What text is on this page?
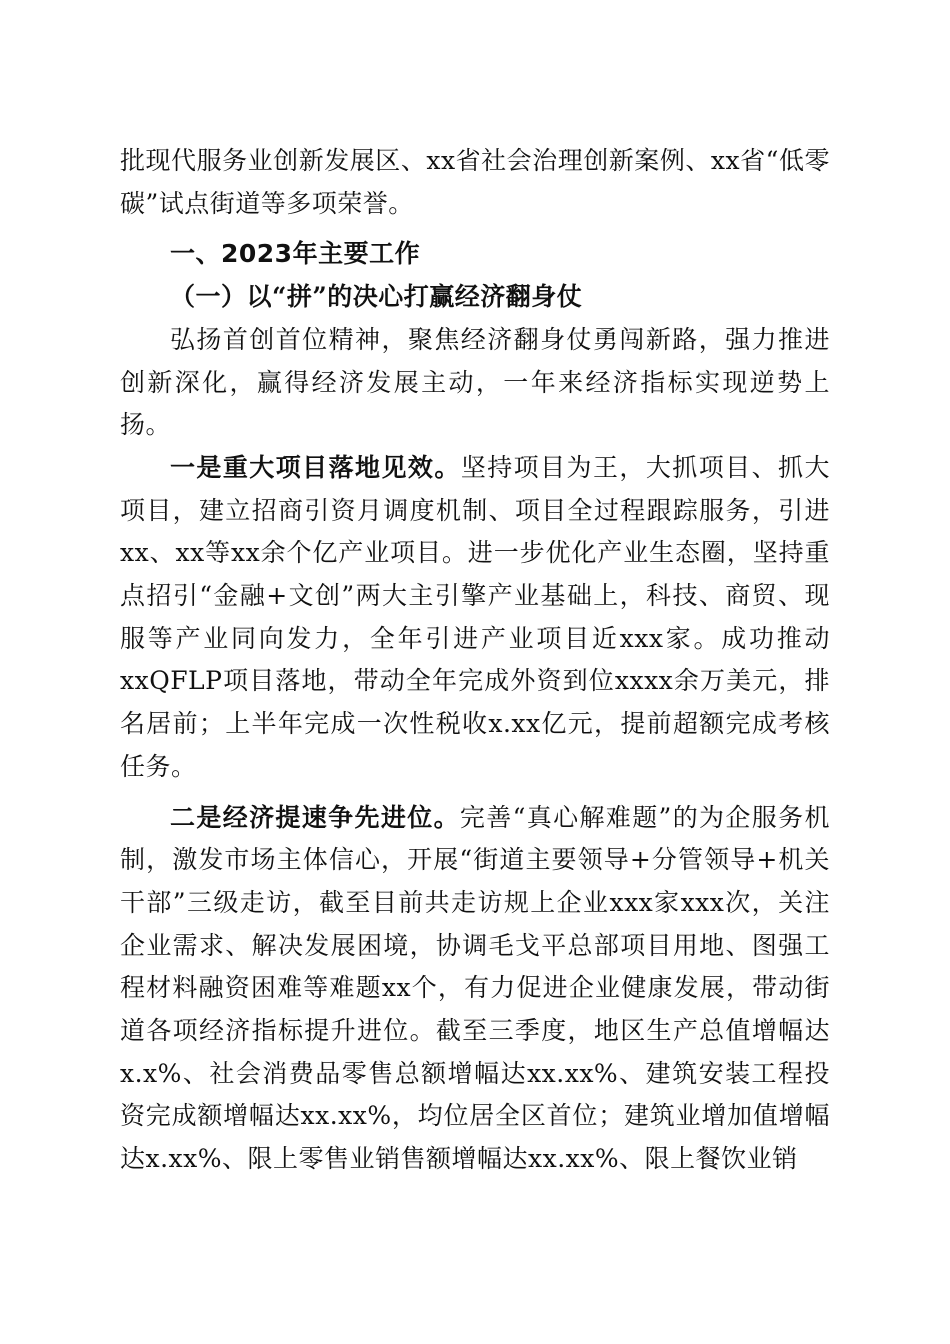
批现代服务业创新发展区、xx省社会治理创新案例、xx省“低零碳”试点街道等多项荣誉。

一、2023年主要工作

（一）以“拼”的决心打赢经济翻身仗

弘扬首创首位精神，聚焦经济翻身仗勇闯新路，强力推进创新深化，赢得经济发展主动，一年来经济指标实现逆势上扬。

一是重大项目落地见效。坚持项目为王，大抓项目、抓大项目，建立招商引资月调度机制、项目全过程跟踪服务，引进xx、xx等xx余个亿产业项目。进一步优化产业生态圈，坚持重点招引“金融+文创”两大主引擎产业基础上，科技、商贸、现服等产业同向发力，全年引进产业项目近xxx家。成功推动xxQFLP项目落地，带动全年完成外资到位xxxx余万美元，排名居前；上半年完成一次性税收x.xx亿元，提前超额完成考核任务。

二是经济提速争先进位。完善“真心解难题”的为企服务机制，激发市场主体信心，开展“街道主要领导+分管领导+机关干部”三级走访，截至目前共走访规上企业xxx家xxx次，关注企业需求、解决发展困境，协调毛戈平总部项目用地、图强工程材料融资困难等难题xx个，有力促进企业健康发展，带动街道各项经济指标提升进位。截至三季度，地区生产总值增幅达x.x%、社会消费品零售总额增幅达xx.xx%、建筑安装工程投资完成额增幅达xx.xx%，均位居全区首位；建筑业增加值增幅达x.xx%、限上零售业销售额增幅达xx.xx%、限上餐饮业销
